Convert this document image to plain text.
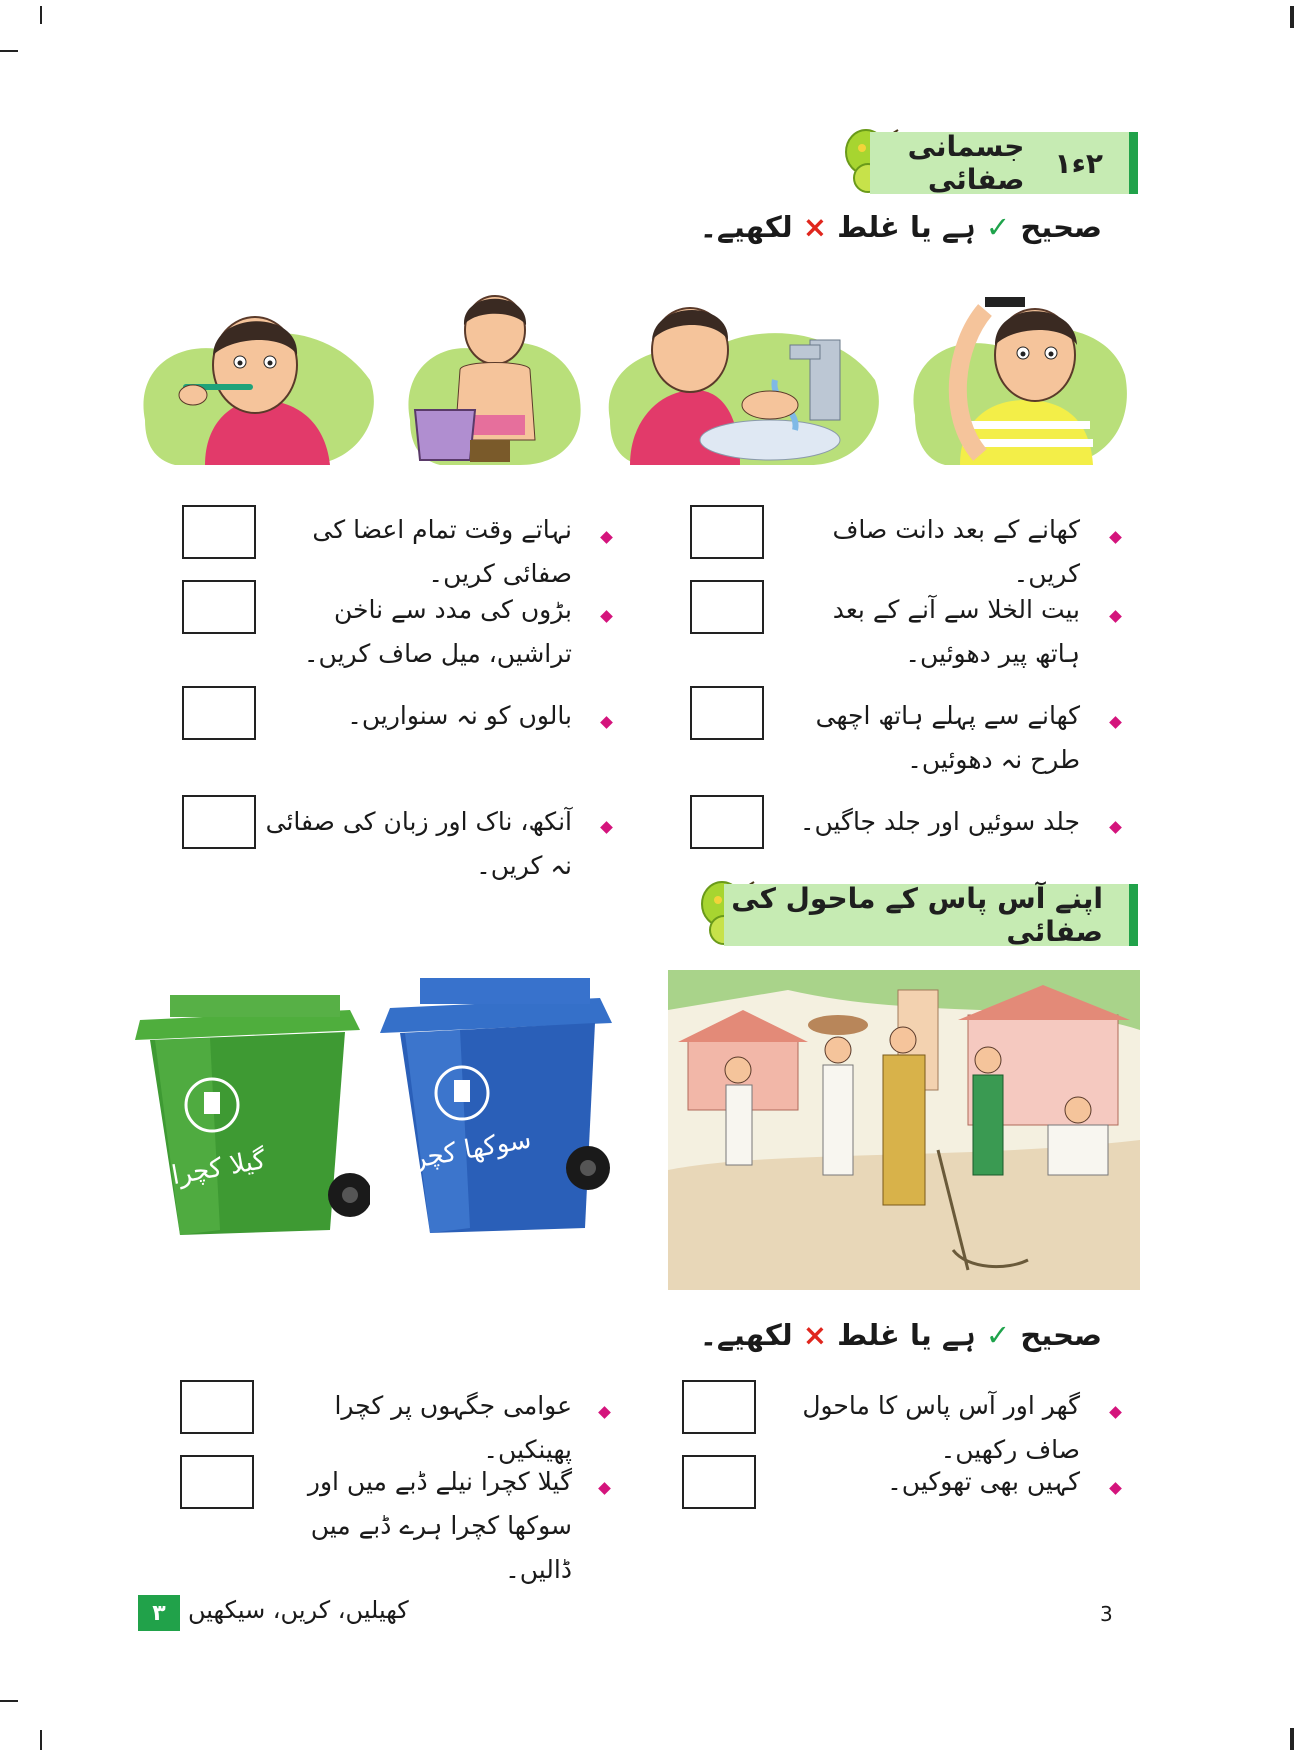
جسمانی صفائی ۲ء۱
صحیح ✓ ہے یا غلط × لکھیے۔
کھانے کے بعد دانت صاف کریں۔
بیت الخلا سے آنے کے بعد ہاتھ پیر دھوئیں۔
کھانے سے پہلے ہاتھ اچھی طرح نہ دھوئیں۔
جلد سوئیں اور جلد جاگیں۔
نہاتے وقت تمام اعضا کی صفائی کریں۔
بڑوں کی مدد سے ناخن تراشیں، میل صاف کریں۔
بالوں کو نہ سنواریں۔
آنکھ، ناک اور زبان کی صفائی نہ کریں۔
اپنے آس پاس کے ماحول کی صفائی
گیلا کچرا	سوکھا کچرا
صحیح ✓ ہے یا غلط × لکھیے۔
گھر اور آس پاس کا ماحول صاف رکھیں۔
کہیں بھی تھوکیں۔
عوامی جگہوں پر کچرا پھینکیں۔
گیلا کچرا نیلے ڈبے میں اور سوکھا کچرا ہرے ڈبے میں ڈالیں۔
۳ کھیلیں، کریں، سیکھیں	3
